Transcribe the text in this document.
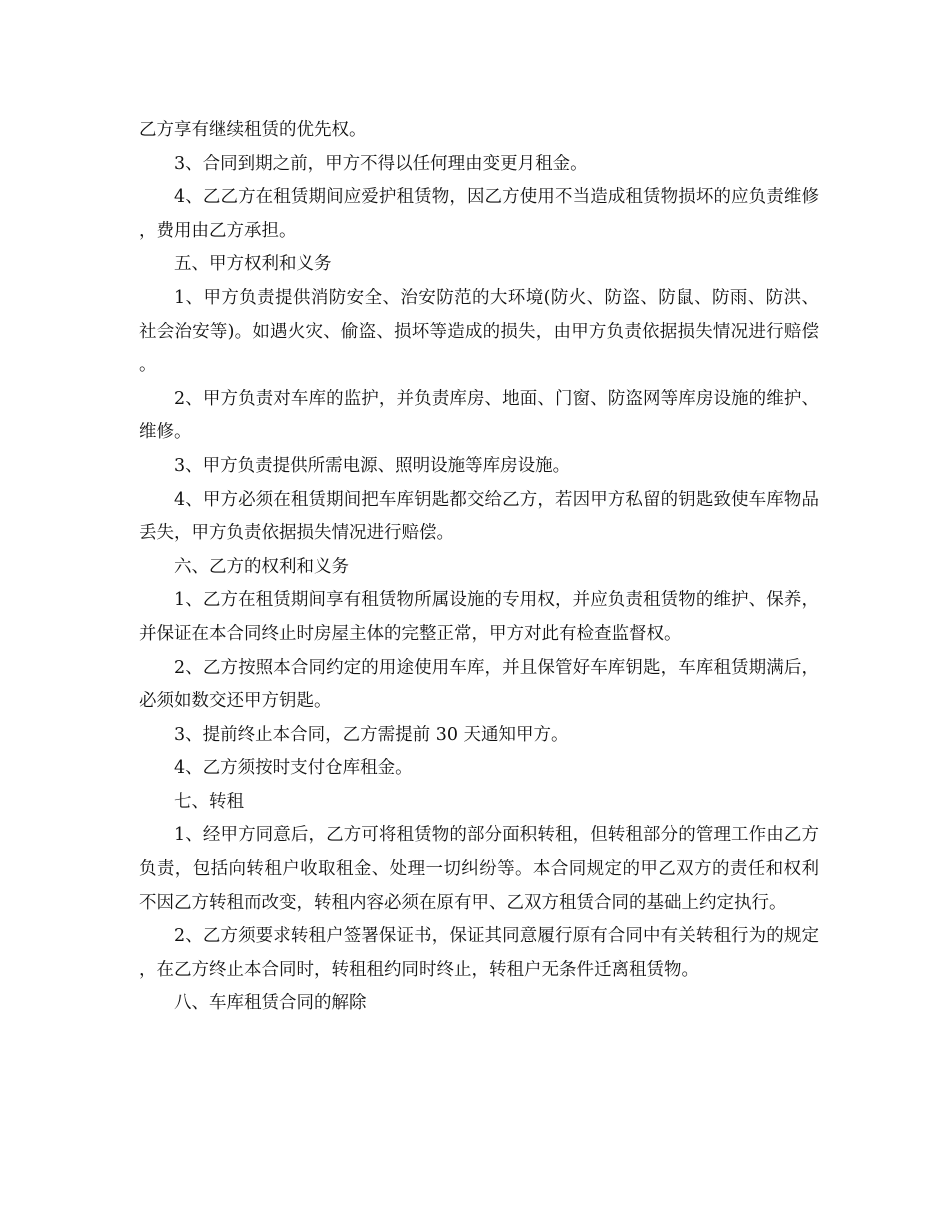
乙方享有继续租赁的优先权。

3、合同到期之前，甲方不得以任何理由变更月租金。

4、乙乙方在租赁期间应爱护租赁物，因乙方使用不当造成租赁物损坏的应负责维修，费用由乙方承担。

五、甲方权利和义务

1、甲方负责提供消防安全、治安防范的大环境(防火、防盗、防鼠、防雨、防洪、社会治安等)。如遇火灾、偷盗、损坏等造成的损失，由甲方负责依据损失情况进行赔偿。

2、甲方负责对车库的监护，并负责库房、地面、门窗、防盗网等库房设施的维护、维修。

3、甲方负责提供所需电源、照明设施等库房设施。

4、甲方必须在租赁期间把车库钥匙都交给乙方，若因甲方私留的钥匙致使车库物品丢失，甲方负责依据损失情况进行赔偿。

六、乙方的权利和义务

1、乙方在租赁期间享有租赁物所属设施的专用权，并应负责租赁物的维护、保养，并保证在本合同终止时房屋主体的完整正常，甲方对此有检查监督权。

2、乙方按照本合同约定的用途使用车库，并且保管好车库钥匙，车库租赁期满后，必须如数交还甲方钥匙。

3、提前终止本合同，乙方需提前 30 天通知甲方。

4、乙方须按时支付仓库租金。

七、转租

1、经甲方同意后，乙方可将租赁物的部分面积转租，但转租部分的管理工作由乙方负责，包括向转租户收取租金、处理一切纠纷等。本合同规定的甲乙双方的责任和权利不因乙方转租而改变，转租内容必须在原有甲、乙双方租赁合同的基础上约定执行。

2、乙方须要求转租户签署保证书，保证其同意履行原有合同中有关转租行为的规定，在乙方终止本合同时，转租租约同时终止，转租户无条件迁离租赁物。

八、车库租赁合同的解除
